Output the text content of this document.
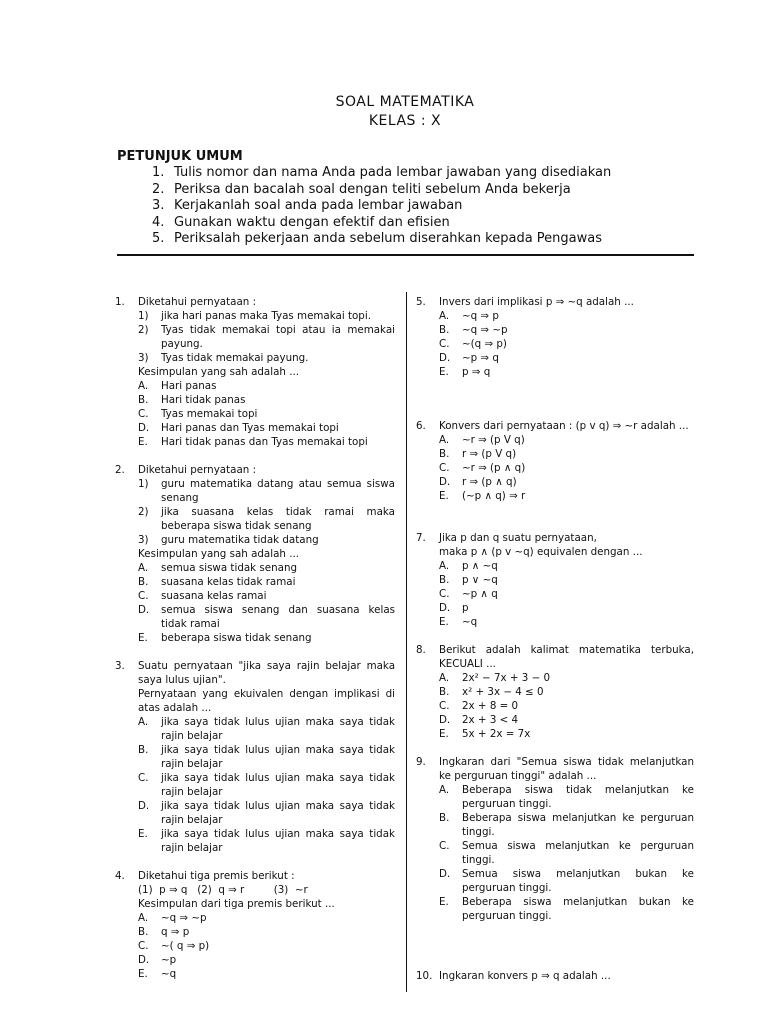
SOAL MATEMATIKA
KELAS : X
PETUNJUK UMUM
1. Tulis nomor dan nama Anda pada lembar jawaban yang disediakan
2. Periksa dan bacalah soal dengan teliti sebelum Anda bekerja
3. Kerjakanlah soal anda pada lembar jawaban
4. Gunakan waktu dengan efektif dan efisien
5. Periksalah pekerjaan anda sebelum diserahkan kepada Pengawas
1.	Diketahui pernyataan :
1)	jika hari panas maka Tyas memakai topi.
2)	Tyas tidak memakai topi atau ia memakai payung.
3)	Tyas tidak memakai payung.
Kesimpulan yang sah adalah ...
A.	Hari panas
B.	Hari tidak panas
C.	Tyas memakai topi
D.	Hari panas dan Tyas memakai topi
E.	Hari tidak panas dan Tyas memakai topi
2.	Diketahui pernyataan :
1)	guru matematika datang atau semua siswa senang
2)	jika suasana kelas tidak ramai maka beberapa siswa tidak senang
3)	guru matematika tidak datang
Kesimpulan yang sah adalah ...
A.	semua siswa tidak senang
B.	suasana kelas tidak ramai
C.	suasana kelas ramai
D.	semua siswa senang dan suasana kelas tidak ramai
E.	beberapa siswa tidak senang
3.	Suatu pernyataan "jika saya rajin belajar maka saya lulus ujian".
Pernyataan yang ekuivalen dengan implikasi di atas adalah ...
A.	jika saya tidak lulus ujian maka saya tidak rajin belajar
B.	jika saya tidak lulus ujian maka saya tidak rajin belajar
C.	jika saya tidak lulus ujian maka saya tidak rajin belajar
D.	jika saya tidak lulus ujian maka saya tidak rajin belajar
E.	jika saya tidak lulus ujian maka saya tidak rajin belajar
4.	Diketahui tiga premis berikut :
(1)  p ⇒ q   (2)  q ⇒ r         (3)  ~r
Kesimpulan dari tiga premis berikut ...
A.	~q ⇒ ~p
B.	q ⇒ p
C.	~( q ⇒ p)
D.	~p
E.	~q
5.	Invers dari implikasi p ⇒ ~q adalah ...
A.	~q ⇒ p
B.	~q ⇒ ~p
C.	~(q ⇒ p)
D.	~p ⇒ q
E.	p ⇒ q
6.	Konvers dari pernyataan : (p v q) ⇒ ~r adalah ...
A.	~r ⇒ (p V q)
B.	r ⇒ (p V q)
C.	~r ⇒ (p ∧ q)
D.	r ⇒ (p ∧ q)
E.	(~p ∧ q) ⇒ r
7.	Jika p dan q suatu pernyataan,
maka p ∧ (p v ~q) equivalen dengan ...
A.	p ∧ ~q
B.	p ∨ ~q
C.	~p ∧ q
D.	p
E.	~q
8.	Berikut adalah kalimat matematika terbuka, KECUALI ...
A.	2x² − 7x + 3 − 0
B.	x² + 3x − 4 ≤ 0
C.	2x + 8 = 0
D.	2x + 3 < 4
E.	5x + 2x = 7x
9.	Ingkaran dari "Semua siswa tidak melanjutkan ke perguruan tinggi" adalah ...
A.	Beberapa siswa tidak melanjutkan ke perguruan tinggi.
B.	Beberapa siswa melanjutkan ke perguruan tinggi.
C.	Semua siswa melanjutkan ke perguruan tinggi.
D.	Semua siswa melanjutkan bukan ke perguruan tinggi.
E.	Beberapa siswa melanjutkan bukan ke perguruan tinggi.
10. Ingkaran konvers p ⇒ q adalah ...
